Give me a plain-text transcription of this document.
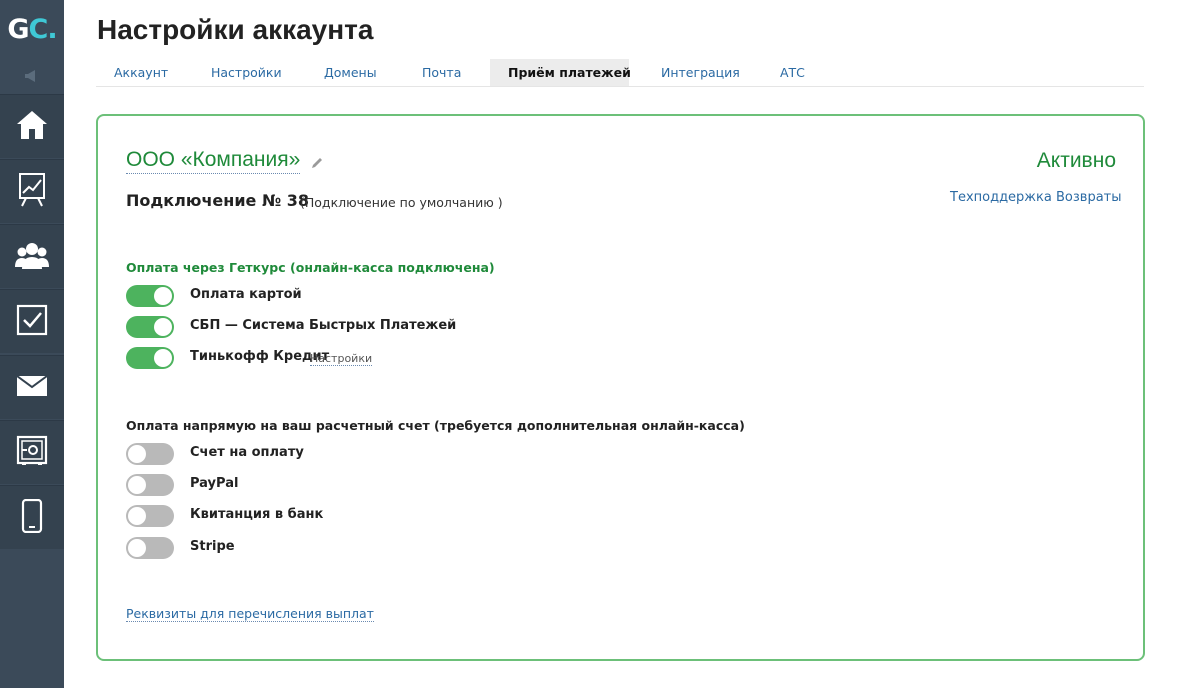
GC. Настройки аккаунта
Аккаунт	Настройки	Домены	Почта	Приём платежей	Интеграция	АТС
ООО «Компания»	Активно
Подключение № 38
(Подключение по умолчанию )	Техподдержка Возвраты
Оплата через Геткурс (онлайн-касса подключена)
Оплата картой
СБП — Система Быстрых Платежей
Тинькофф Кредит
Настройки
Оплата напрямую на ваш расчетный счет (требуется дополнительная онлайн-касса)
Счет на оплату
PayPal
Квитанция в банк
Stripe
Реквизиты для перечисления выплат
